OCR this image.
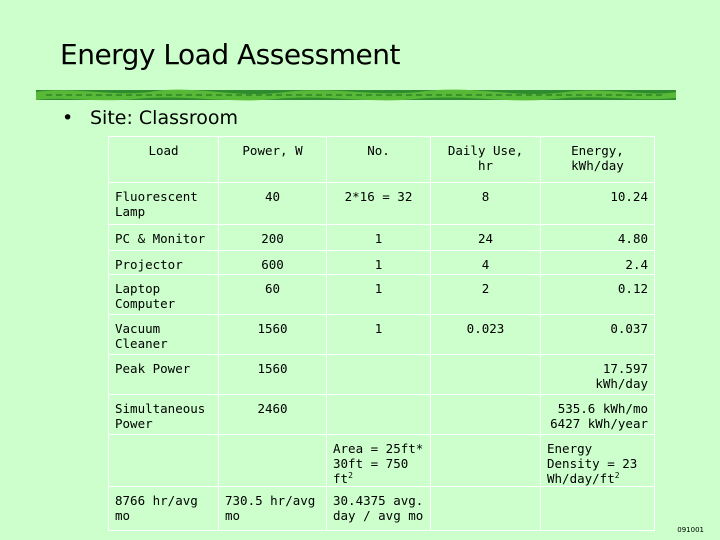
Energy Load Assessment
• Site: Classroom
Load	Power, W	No.	Daily Use, hr	Energy, kWh/day
Fluorescent Lamp	40	2*16 = 32	8	10.24
PC & Monitor	200	1	24	4.80
Projector	600	1	4	2.4
Laptop Computer	60	1	2	0.12
Vacuum Cleaner	1560	1	0.023	0.037
Peak Power	1560			17.597 kWh/day
Simultaneous Power	2460			535.6 kWh/mo 6427 kWh/year
		Area = 25ft* 30ft = 750 $ft^2$		Energy Density = 23 $Wh/day/ft^2$
8766 hr/avg mo	730.5 hr/avg mo	30.4375 avg. day / avg mo		
091001
